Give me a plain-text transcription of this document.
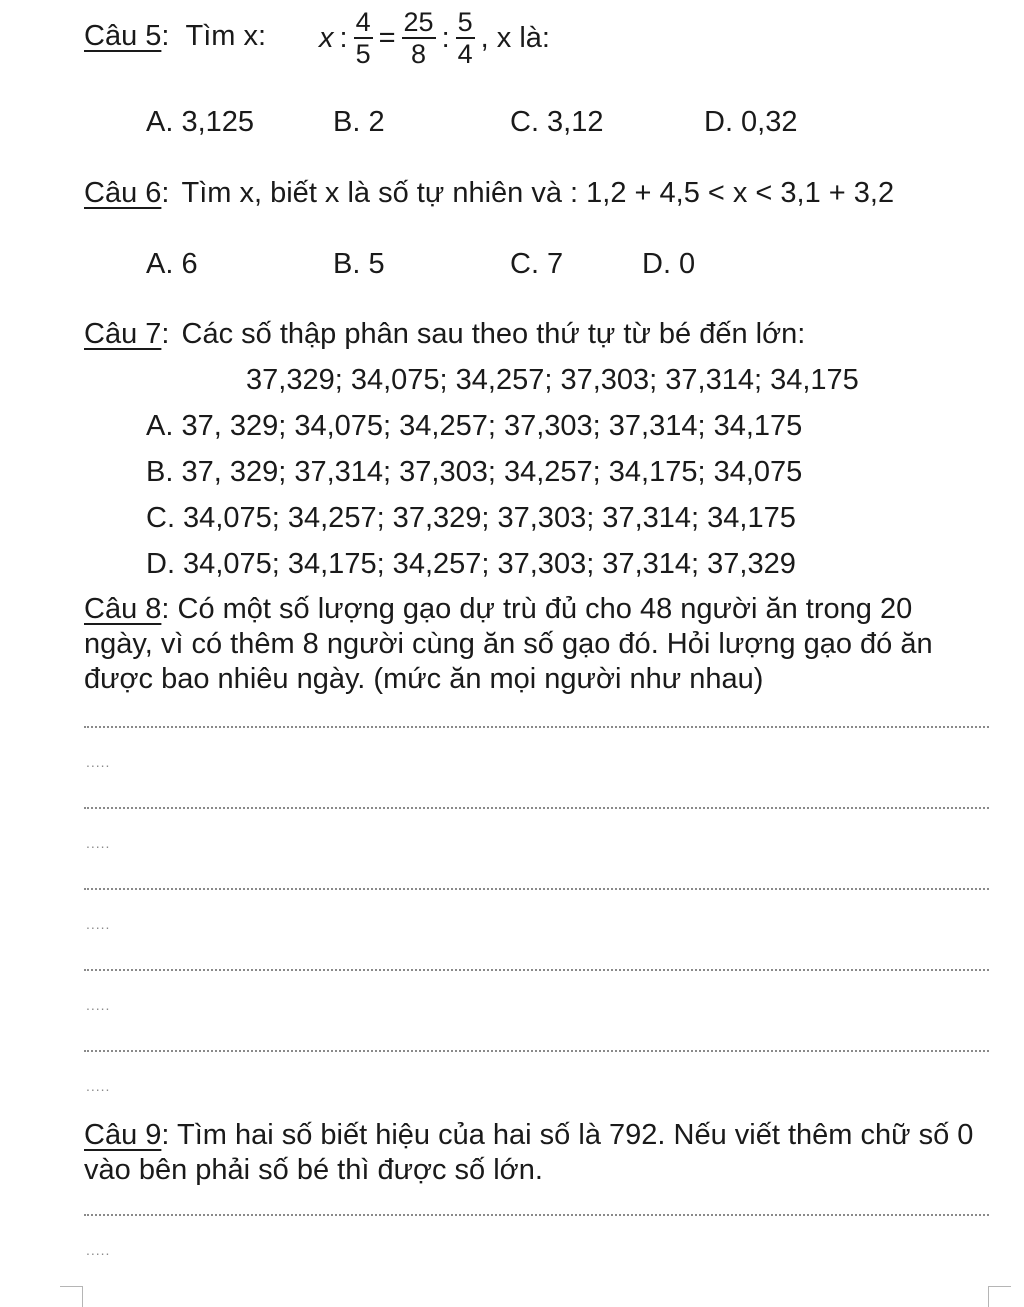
Câu 5: Tìm x: x : $\frac{4}{5} = \frac{25}{8}$ : $\frac{5}{4}$ , x là:
A. 3,125	B. 2	C. 3,12	D. 0,32
Câu 6: Tìm x, biết x là số tự nhiên và : 1,2 + 4,5 < x < 3,1 + 3,2
A. 6	B. 5	C. 7	D. 0
Câu 7: Các số thập phân sau theo thứ tự từ bé đến lớn:
37,329; 34,075; 34,257; 37,303; 37,314; 34,175
A. 37, 329; 34,075; 34,257; 37,303; 37,314; 34,175
B. 37, 329; 37,314; 37,303; 34,257; 34,175; 34,075
C. 34,075; 34,257; 37,329; 37,303; 37,314; 34,175
D. 34,075; 34,175; 34,257; 37,303; 37,314; 37,329
Câu 8: Có một số lượng gạo dự trù đủ cho 48 người ăn trong 20 ngày, vì có thêm 8 người cùng ăn số gạo đó. Hỏi lượng gạo đó ăn được bao nhiêu ngày. (mức ăn mọi người như nhau)
.....
.....
.....
.....
.....
Câu 9: Tìm hai số biết hiệu của hai số là 792. Nếu viết thêm chữ số 0 vào bên phải số bé thì được số lớn.
.....
